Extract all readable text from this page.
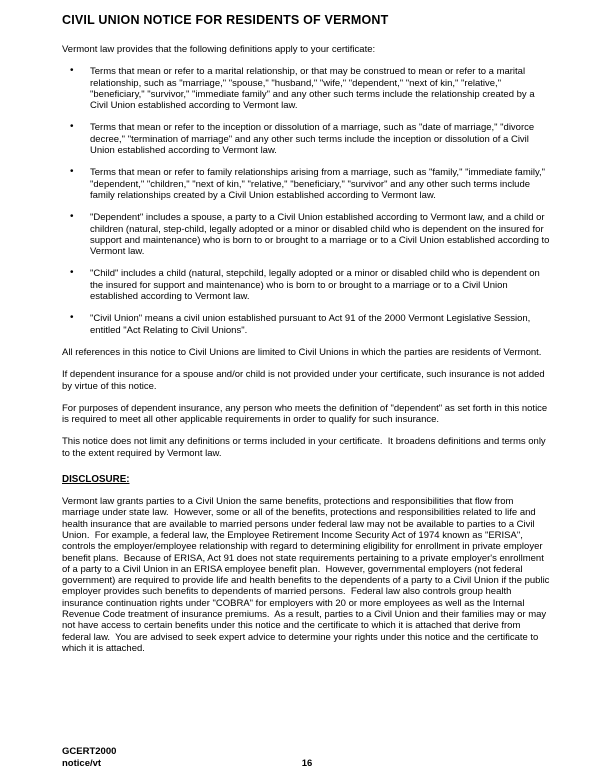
CIVIL UNION NOTICE FOR RESIDENTS OF VERMONT

Vermont law provides that the following definitions apply to your certificate:

• Terms that mean or refer to a marital relationship, or that may be construed to mean or refer to a marital relationship, such as "marriage," "spouse," "husband," "wife," "dependent," "next of kin," "relative," "beneficiary," "survivor," "immediate family" and any other such terms include the relationship created by a Civil Union established according to Vermont law.
• Terms that mean or refer to the inception or dissolution of a marriage, such as "date of marriage," "divorce decree," "termination of marriage" and any other such terms include the inception or dissolution of a Civil Union established according to Vermont law.
• Terms that mean or refer to family relationships arising from a marriage, such as "family," "immediate family," "dependent," "children," "next of kin," "relative," "beneficiary," "survivor" and any other such terms include family relationships created by a Civil Union established according to Vermont law.
• "Dependent" includes a spouse, a party to a Civil Union established according to Vermont law, and a child or children (natural, step-child, legally adopted or a minor or disabled child who is dependent on the insured for support and maintenance) who is born to or brought to a marriage or to a Civil Union established according to Vermont law.
• "Child" includes a child (natural, stepchild, legally adopted or a minor or disabled child who is dependent on the insured for support and maintenance) who is born to or brought to a marriage or to a Civil Union established according to Vermont law.
• "Civil Union" means a civil union established pursuant to Act 91 of the 2000 Vermont Legislative Session, entitled "Act Relating to Civil Unions".

All references in this notice to Civil Unions are limited to Civil Unions in which the parties are residents of Vermont.

If dependent insurance for a spouse and/or child is not provided under your certificate, such insurance is not added by virtue of this notice.

For purposes of dependent insurance, any person who meets the definition of "dependent" as set forth in this notice is required to meet all other applicable requirements in order to qualify for such insurance.

This notice does not limit any definitions or terms included in your certificate.  It broadens definitions and terms only to the extent required by Vermont law.

DISCLOSURE:

Vermont law grants parties to a Civil Union the same benefits, protections and responsibilities that flow from marriage under state law.  However, some or all of the benefits, protections and responsibilities related to life and health insurance that are available to married persons under federal law may not be available to parties to a Civil Union.  For example, a federal law, the Employee Retirement Income Security Act of 1974 known as "ERISA", controls the employer/employee relationship with regard to determining eligibility for enrollment in private employer benefit plans.  Because of ERISA, Act 91 does not state requirements pertaining to a private employer's enrollment of a party to a Civil Union in an ERISA employee benefit plan.  However, governmental employers (not federal government) are required to provide life and health benefits to the dependents of a party to a Civil Union if the public employer provides such benefits to dependents of married persons.  Federal law also controls group health insurance continuation rights under "COBRA" for employers with 20 or more employees as well as the Internal Revenue Code treatment of insurance premiums.  As a result, parties to a Civil Union and their families may or may not have access to certain benefits under this notice and the certificate to which it is attached that derive from federal law.  You are advised to seek expert advice to determine your rights under this notice and the certificate to which it is attached.

GCERT2000
notice/vt	16
